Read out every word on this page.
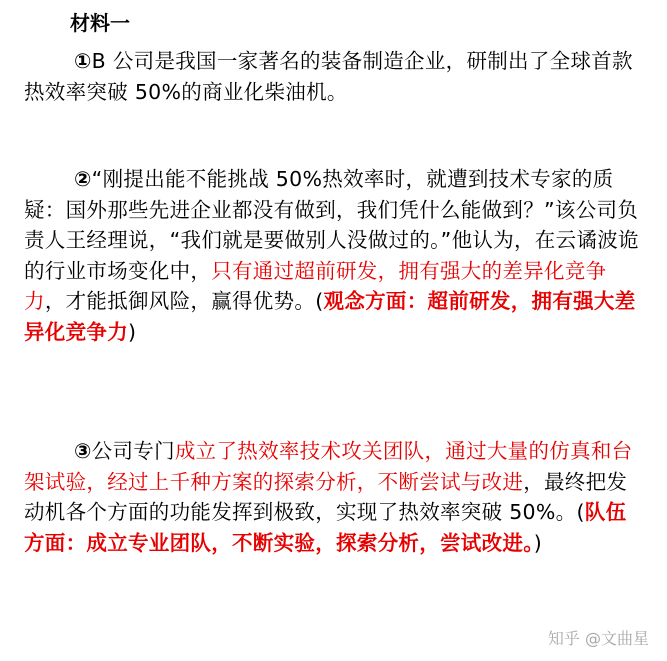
材料一

①B 公司是我国一家著名的装备制造企业，研制出了全球首款热效率突破 50%的商业化柴油机。

②“刚提出能不能挑战 50%热效率时，就遭到技术专家的质疑：国外那些先进企业都没有做到，我们凭什么能做到？”该公司负责人王经理说，“我们就是要做别人没做过的。”他认为，在云谲波诡的行业市场变化中，只有通过超前研发，拥有强大的差异化竞争力，才能抵御风险，赢得优势。(观念方面：超前研发，拥有强大差异化竞争力)

③公司专门成立了热效率技术攻关团队，通过大量的仿真和台架试验，经过上千种方案的探索分析，不断尝试与改进，最终把发动机各个方面的功能发挥到极致，实现了热效率突破 50%。(队伍方面：成立专业团队，不断实验，探索分析，尝试改进。)

知乎 @文曲星
